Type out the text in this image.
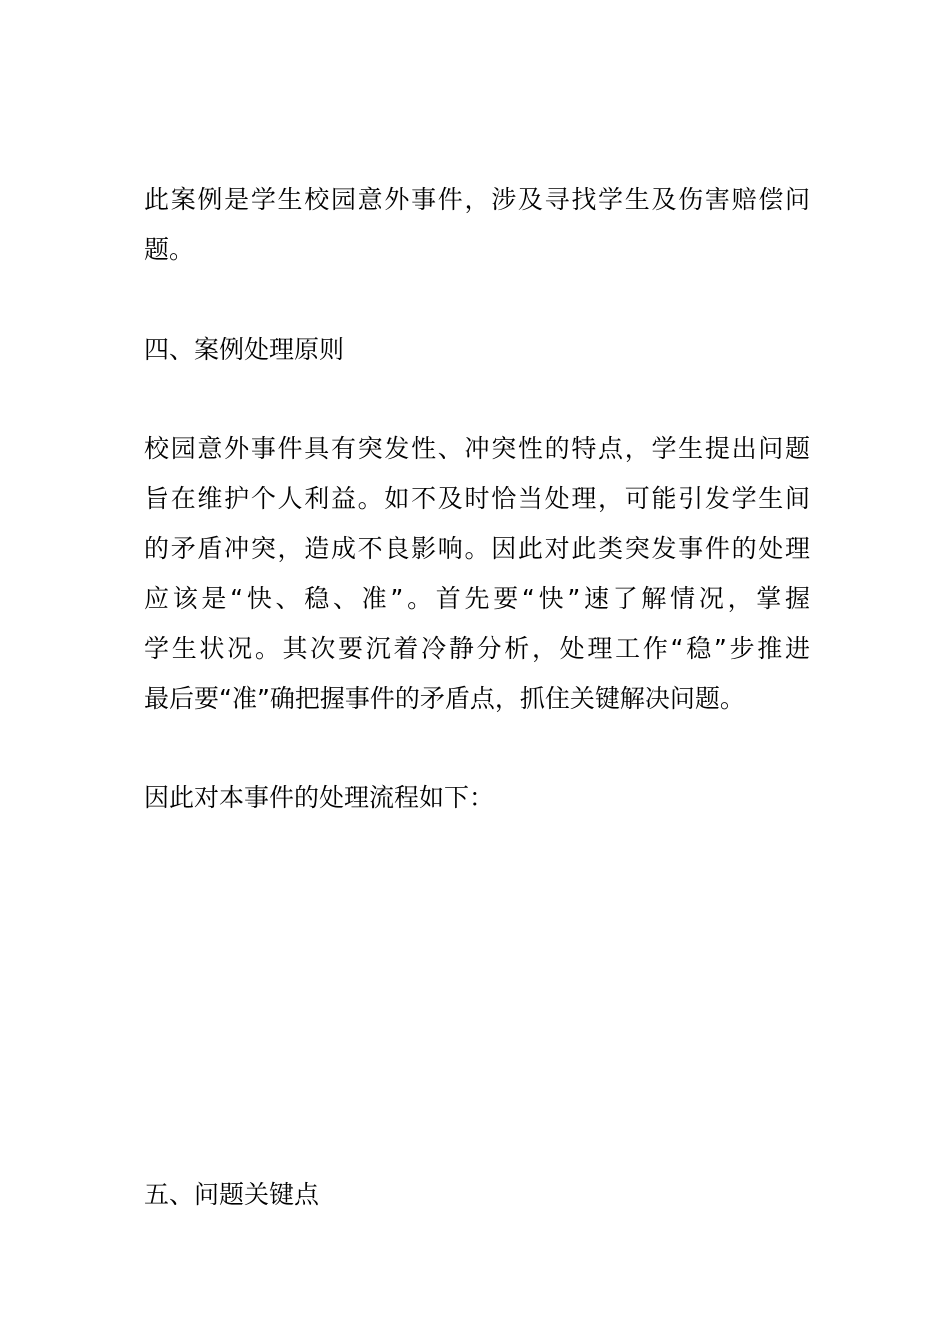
此案例是学生校园意外事件，涉及寻找学生及伤害赔偿问
题。

四、案例处理原则

校园意外事件具有突发性、冲突性的特点，学生提出问题
旨在维护个人利益。如不及时恰当处理，可能引发学生间
的矛盾冲突，造成不良影响。因此对此类突发事件的处理
应该是“快、稳、准”。首先要“快”速了解情况，掌握
学生状况。其次要沉着冷静分析，处理工作“稳”步推进
最后要“准”确把握事件的矛盾点，抓住关键解决问题。

因此对本事件的处理流程如下：

五、问题关键点
